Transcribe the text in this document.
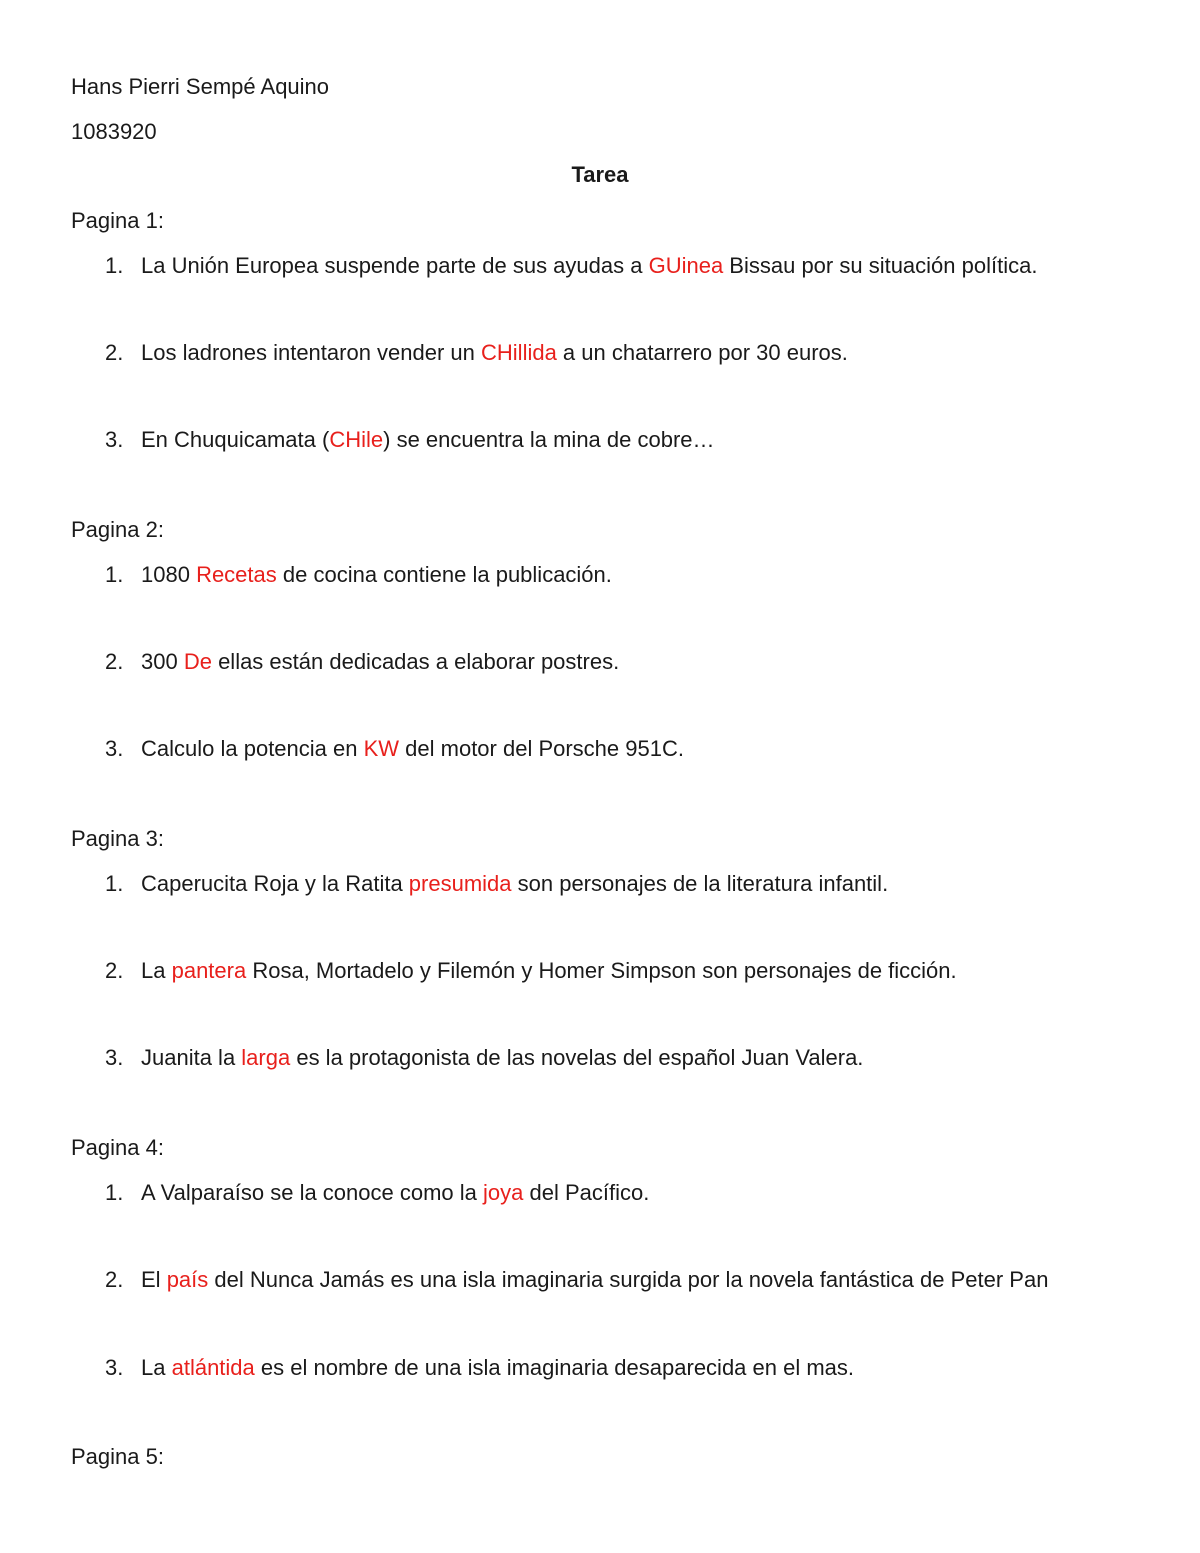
Hans Pierri Sempé Aquino
1083920
Tarea
Pagina 1:
1. La Unión Europea suspende parte de sus ayudas a GUinea Bissau por su situación política.
2. Los ladrones intentaron vender un CHillida a un chatarrero por 30 euros.
3. En Chuquicamata (CHile) se encuentra la mina de cobre…
Pagina 2:
1. 1080 Recetas de cocina contiene la publicación.
2. 300 De ellas están dedicadas a elaborar postres.
3. Calculo la potencia en KW del motor del Porsche 951C.
Pagina 3:
1. Caperucita Roja y la Ratita presumida son personajes de la literatura infantil.
2. La pantera Rosa, Mortadelo y Filemón y Homer Simpson son personajes de ficción.
3. Juanita la larga es la protagonista de las novelas del español Juan Valera.
Pagina 4:
1. A Valparaíso se la conoce como la joya del Pacífico.
2. El país del Nunca Jamás es una isla imaginaria surgida por la novela fantástica de Peter Pan
3. La atlántida es el nombre de una isla imaginaria desaparecida en el mas.
Pagina 5:
